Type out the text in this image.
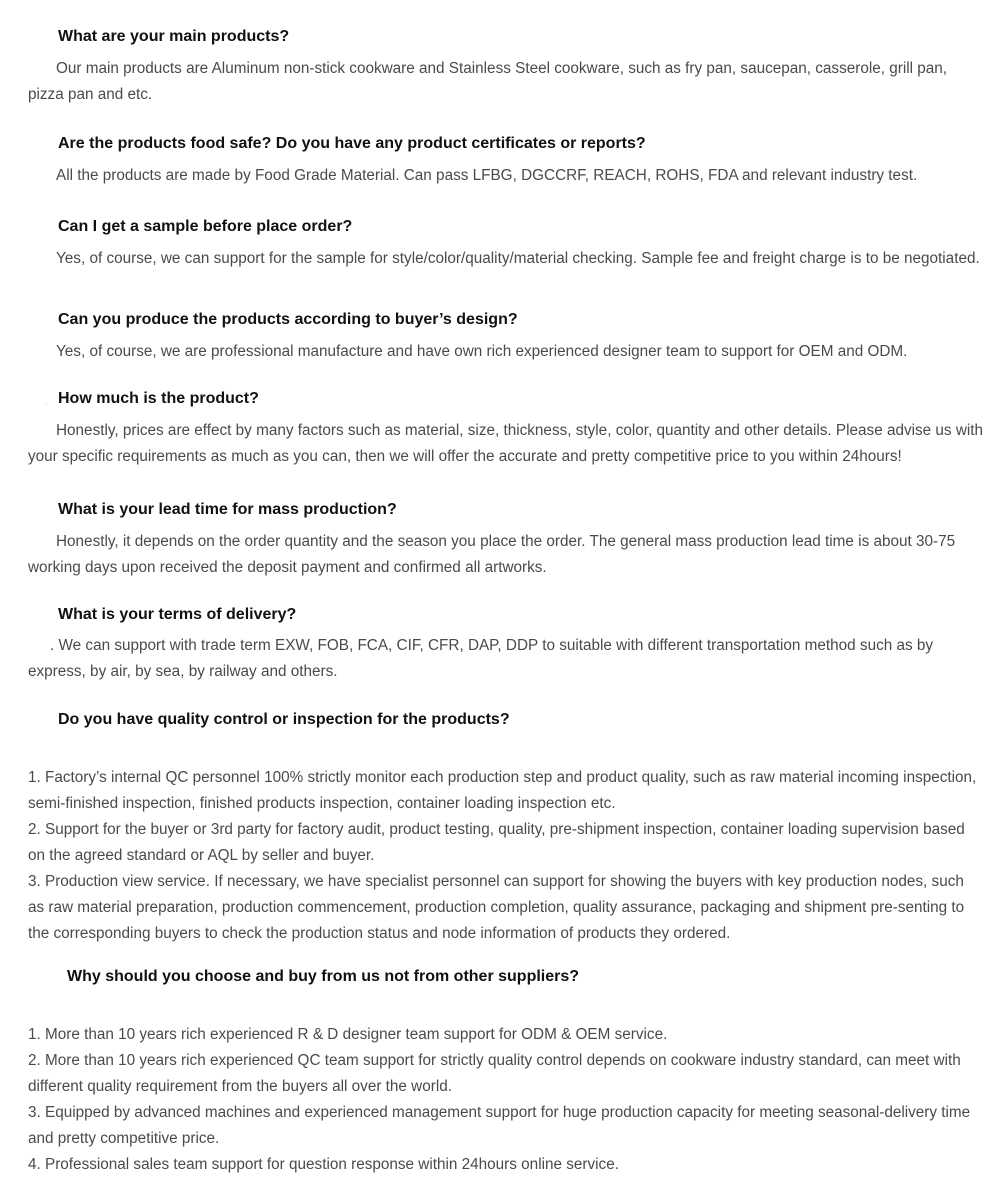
What are your main products?
Our main products are Aluminum non-stick cookware and Stainless Steel cookware, such as fry pan, saucepan, casserole, grill pan, pizza pan and etc.
Are the products food safe? Do you have any product certificates or reports?
All the products are made by Food Grade Material. Can pass LFBG, DGCCRF, REACH, ROHS, FDA and relevant industry test.
Can I get a sample before place order?
Yes, of course, we can support for the sample for style/color/quality/material checking. Sample fee and freight charge is to be negotiated.
Can you produce the products according to buyer’s design?
Yes, of course, we are professional manufacture and have own rich experienced designer team to support for OEM and ODM.
. How much is the product?
Honestly, prices are effect by many factors such as material, size, thickness, style, color, quantity and other details. Please advise us with your specific requirements as much as you can, then we will offer the accurate and pretty competitive price to you within 24hours!
What is your lead time for mass production?
Honestly, it depends on the order quantity and the season you place the order. The general mass production lead time is about 30-75 working days upon received the deposit payment and confirmed all artworks.
What is your terms of delivery?
. We can support with trade term EXW, FOB, FCA, CIF, CFR, DAP, DDP to suitable with different transportation method such as by express, by air, by sea, by railway and others.
Do you have quality control or inspection for the products?
1. Factory’s internal QC personnel 100% strictly monitor each production step and product quality, such as raw material incoming inspection, semi-finished inspection, finished products inspection, container loading inspection etc.
2. Support for the buyer or 3rd party for factory audit, product testing, quality, pre-shipment inspection, container loading supervision based on the agreed standard or AQL by seller and buyer.
3. Production view service. If necessary, we have specialist personnel can support for showing the buyers with key production nodes, such as raw material preparation, production commencement, production completion, quality assurance, packaging and shipment pre-senting to the corresponding buyers to check the production status and node information of products they ordered.
Why should you choose and buy from us not from other suppliers?
1. More than 10 years rich experienced R & D designer team support for ODM & OEM service.
2. More than 10 years rich experienced QC team support for strictly quality control depends on cookware industry standard, can meet with different quality requirement from the buyers all over the world.
3. Equipped by advanced machines and experienced management support for huge production capacity for meeting seasonal-delivery time and pretty competitive price.
4. Professional sales team support for question response within 24hours online service.
